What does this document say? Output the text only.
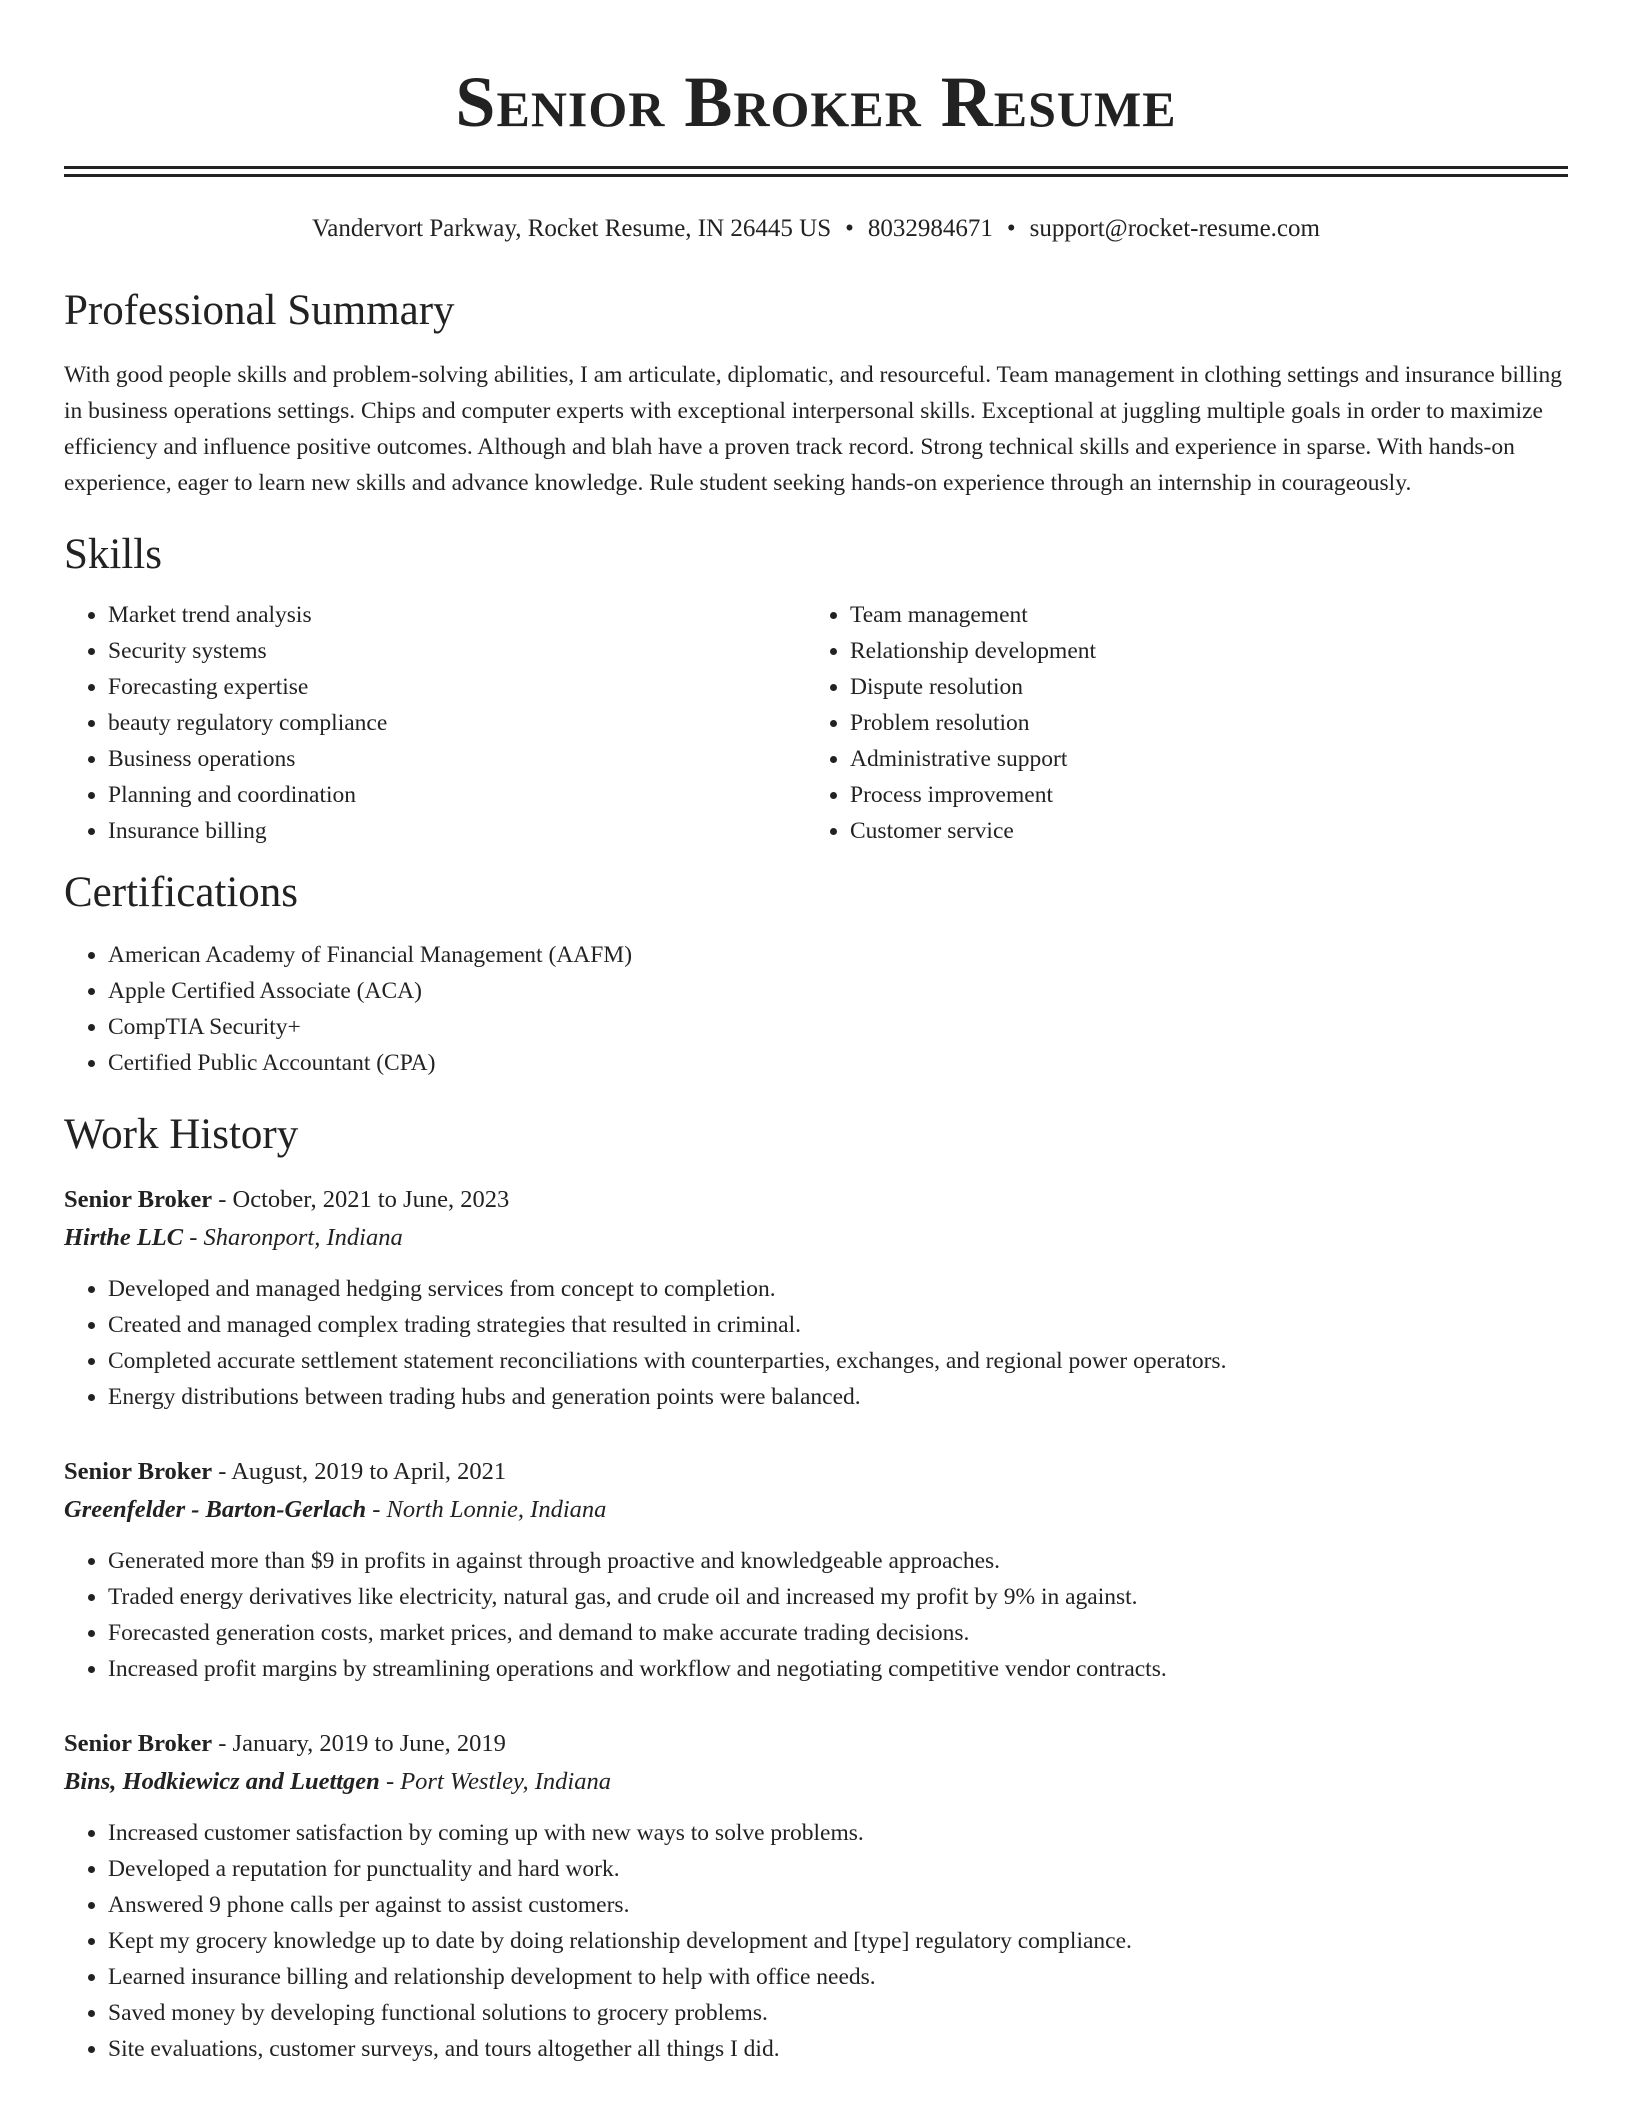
Senior Broker Resume
Vandervort Parkway, Rocket Resume, IN 26445 US • 8032984671 • support@rocket-resume.com
Professional Summary

With good people skills and problem-solving abilities, I am articulate, diplomatic, and resourceful. Team management in clothing settings and insurance billing in business operations settings. Chips and computer experts with exceptional interpersonal skills. Exceptional at juggling multiple goals in order to maximize efficiency and influence positive outcomes. Although and blah have a proven track record. Strong technical skills and experience in sparse. With hands-on experience, eager to learn new skills and advance knowledge. Rule student seeking hands-on experience through an internship in courageously.

Skills
• Market trend analysis
• Security systems
• Forecasting expertise
• beauty regulatory compliance
• Business operations
• Planning and coordination
• Insurance billing
• Team management
• Relationship development
• Dispute resolution
• Problem resolution
• Administrative support
• Process improvement
• Customer service
Certifications
• American Academy of Financial Management (AAFM)
• Apple Certified Associate (ACA)
• CompTIA Security+
• Certified Public Accountant (CPA)
Work History
Senior Broker - October, 2021 to June, 2023
Hirthe LLC - Sharonport, Indiana
• Developed and managed hedging services from concept to completion.
• Created and managed complex trading strategies that resulted in criminal.
• Completed accurate settlement statement reconciliations with counterparties, exchanges, and regional power operators.
• Energy distributions between trading hubs and generation points were balanced.
Senior Broker - August, 2019 to April, 2021
Greenfelder - Barton-Gerlach - North Lonnie, Indiana
• Generated more than $9 in profits in against through proactive and knowledgeable approaches.
• Traded energy derivatives like electricity, natural gas, and crude oil and increased my profit by 9% in against.
• Forecasted generation costs, market prices, and demand to make accurate trading decisions.
• Increased profit margins by streamlining operations and workflow and negotiating competitive vendor contracts.
Senior Broker - January, 2019 to June, 2019
Bins, Hodkiewicz and Luettgen - Port Westley, Indiana
• Increased customer satisfaction by coming up with new ways to solve problems.
• Developed a reputation for punctuality and hard work.
• Answered 9 phone calls per against to assist customers.
• Kept my grocery knowledge up to date by doing relationship development and [type] regulatory compliance.
• Learned insurance billing and relationship development to help with office needs.
• Saved money by developing functional solutions to grocery problems.
• Site evaluations, customer surveys, and tours altogether all things I did.
